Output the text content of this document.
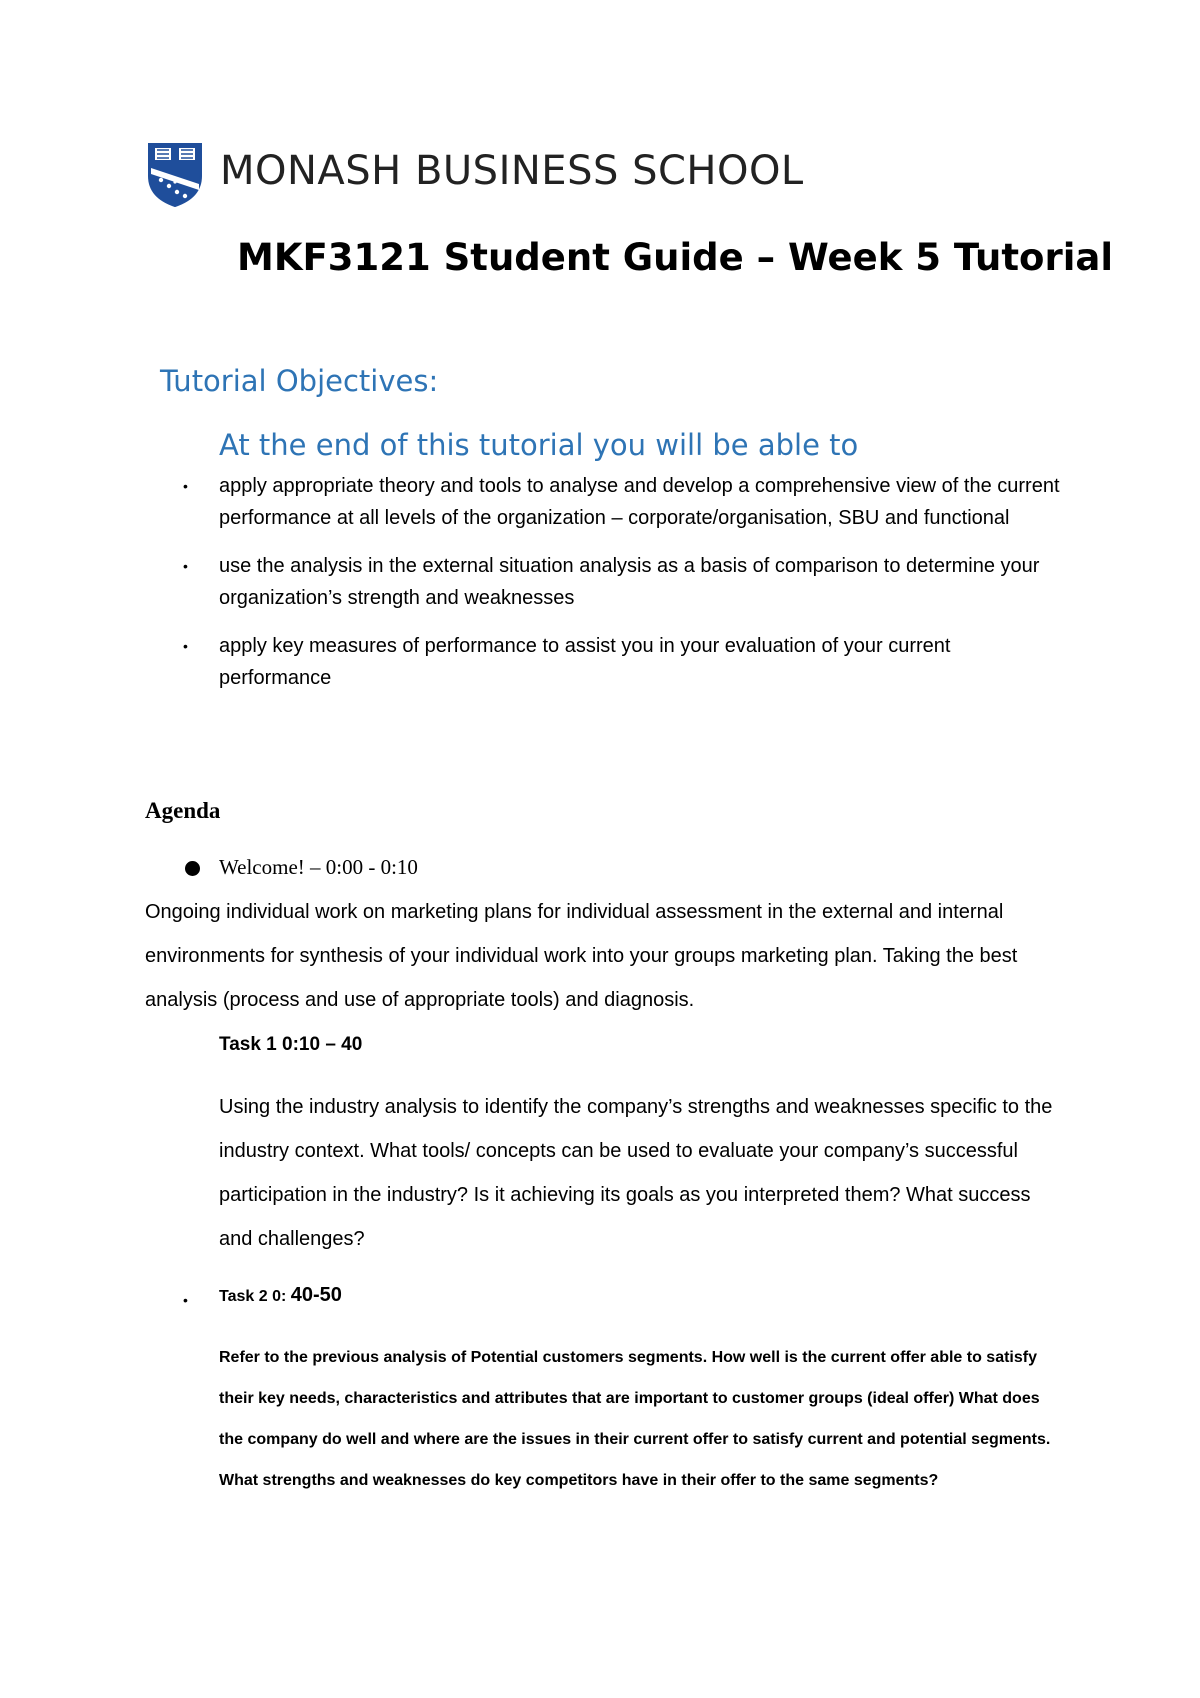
MONASH BUSINESS SCHOOL
MKF3121 Student Guide – Week 5 Tutorial
Tutorial Objectives:
At the end of this tutorial you will be able to
• apply appropriate theory and tools to analyse and develop a comprehensive view of the current performance at all levels of the organization – corporate/organisation, SBU and functional
• use the analysis in the external situation analysis as a basis of comparison to determine your organization’s strength and weaknesses
• apply key measures of performance to assist you in your evaluation of your current performance
Agenda
Welcome! – 0:00 - 0:10

Ongoing individual work on marketing plans for individual assessment in the external and internal environments for synthesis of your individual work into your groups marketing plan. Taking the best analysis (process and use of appropriate tools) and diagnosis.

Task 1 0:10 – 40

Using the industry analysis to identify the company’s strengths and weaknesses specific to the industry context. What tools/ concepts can be used to evaluate your company’s successful participation in the industry? Is it achieving its goals as you interpreted them? What success and challenges?

• Task 2 0: 40-50

Refer to the previous analysis of Potential customers segments. How well is the current offer able to satisfy their key needs, characteristics and attributes that are important to customer groups (ideal offer) What does the company do well and where are the issues in their current offer to satisfy current and potential segments. What strengths and weaknesses do key competitors have in their offer to the same segments?
